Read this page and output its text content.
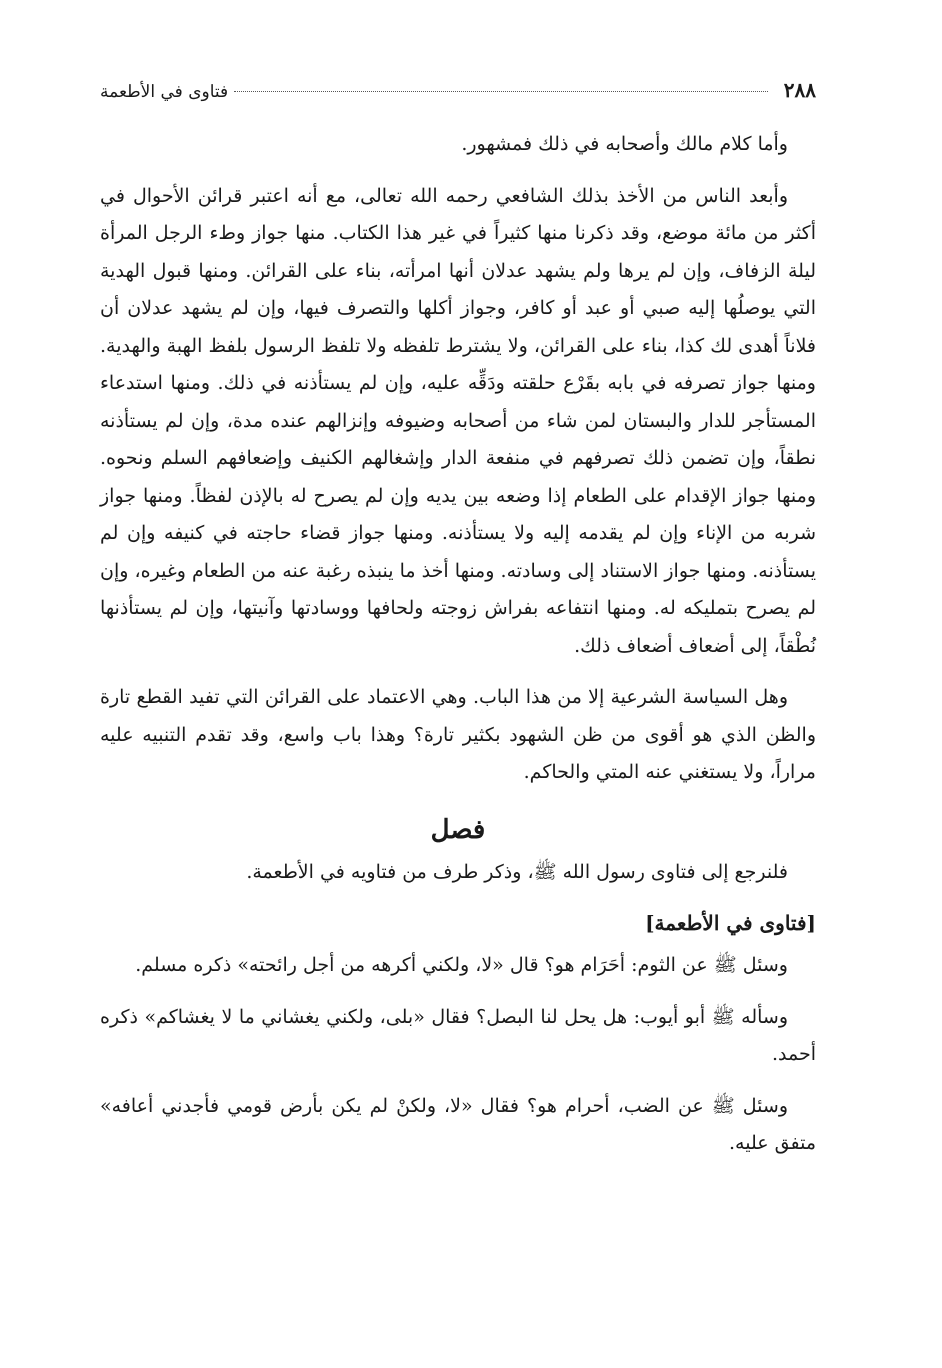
٢٨٨
فتاوى في الأطعمة

وأما كلام مالك وأصحابه في ذلك فمشهور.

وأبعد الناس من الأخذ بذلك الشافعي رحمه الله تعالى، مع أنه اعتبر قرائن الأحوال في أكثر من مائة موضع، وقد ذكرنا منها كثيراً في غير هذا الكتاب. منها جواز وطء الرجل المرأة ليلة الزفاف، وإن لم يرها ولم يشهد عدلان أنها امرأته، بناء على القرائن. ومنها قبول الهدية التي يوصلُها إليه صبي أو عبد أو كافر، وجواز أكلها والتصرف فيها، وإن لم يشهد عدلان أن فلاناً أهدى لك كذا، بناء على القرائن، ولا يشترط تلفظه ولا تلفظ الرسول بلفظ الهبة والهدية. ومنها جواز تصرفه في بابه بقَرْع حلقته ودَقِّه عليه، وإن لم يستأذنه في ذلك. ومنها استدعاء المستأجر للدار والبستان لمن شاء من أصحابه وضيوفه وإنزالهم عنده مدة، وإن لم يستأذنه نطقاً، وإن تضمن ذلك تصرفهم في منفعة الدار وإشغالهم الكنيف وإضعافهم السلم ونحوه. ومنها جواز الإقدام على الطعام إذا وضعه بين يديه وإن لم يصرح له بالإذن لفظاً. ومنها جواز شربه من الإناء وإن لم يقدمه إليه ولا يستأذنه. ومنها جواز قضاء حاجته في كنيفه وإن لم يستأذنه. ومنها جواز الاستناد إلى وسادته. ومنها أخذ ما ينبذه رغبة عنه من الطعام وغيره، وإن لم يصرح بتمليكه له. ومنها انتفاعه بفراش زوجته ولحافها ووسادتها وآنيتها، وإن لم يستأذنها نُطْقاً، إلى أضعاف أضعاف ذلك.

وهل السياسة الشرعية إلا من هذا الباب. وهي الاعتماد على القرائن التي تفيد القطع تارة والظن الذي هو أقوى من ظن الشهود بكثير تارة؟ وهذا باب واسع، وقد تقدم التنبيه عليه مراراً، ولا يستغني عنه المتي والحاكم.

فصل

فلنرجع إلى فتاوى رسول الله ﷺ، وذكر طرف من فتاويه في الأطعمة.

[فتاوى في الأطعمة]

وسئل ﷺ عن الثوم: أحَرَام هو؟ قال «لا، ولكني أكرهه من أجل رائحته» ذكره مسلم.

وسأله ﷺ أبو أيوب: هل يحل لنا البصل؟ فقال «بلى، ولكني يغشاني ما لا يغشاكم» ذكره أحمد.

وسئل ﷺ عن الضب، أحرام هو؟ فقال «لا، ولكنْ لم يكن بأرض قومي فأجدني أعافه» متفق عليه.
